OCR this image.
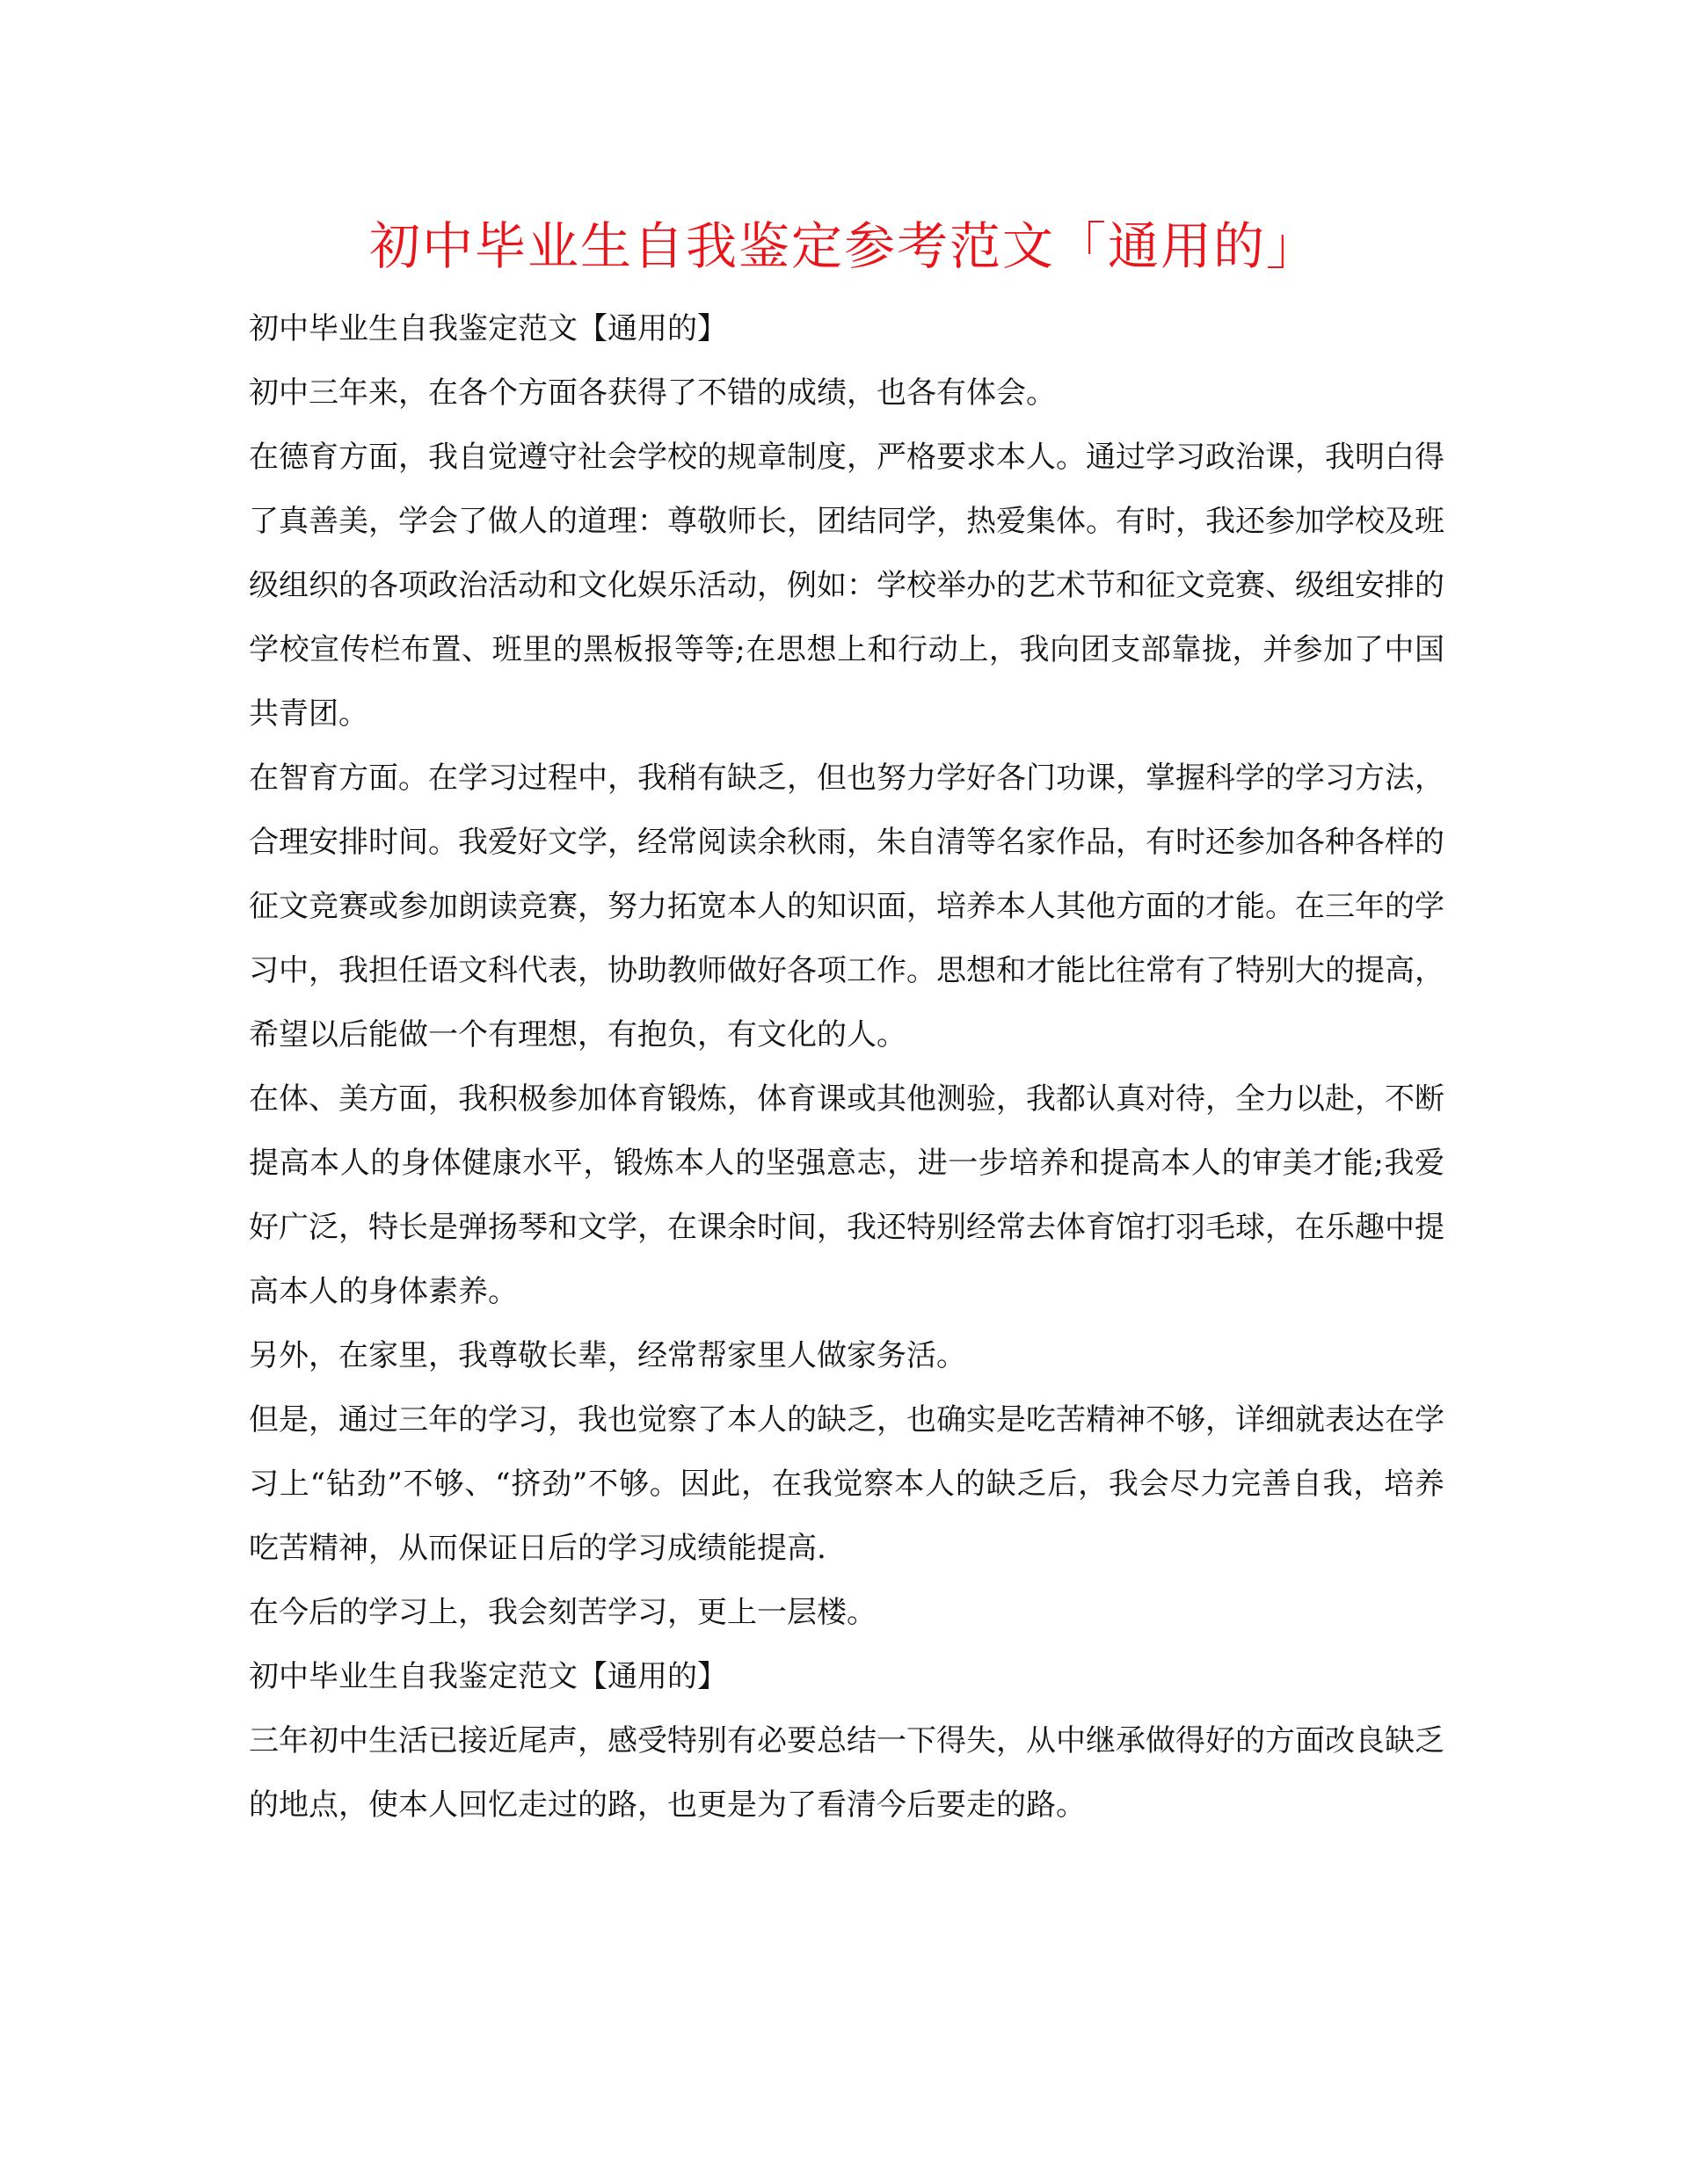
初中毕业生自我鉴定参考范文「通用的」

初中毕业生自我鉴定范文【通用的】

初中三年来，在各个方面各获得了不错的成绩，也各有体会。

在德育方面，我自觉遵守社会学校的规章制度，严格要求本人。通过学习政治课，我明白得了真善美，学会了做人的道理：尊敬师长，团结同学，热爱集体。有时，我还参加学校及班级组织的各项政治活动和文化娱乐活动，例如：学校举办的艺术节和征文竞赛、级组安排的学校宣传栏布置、班里的黑板报等等;在思想上和行动上，我向团支部靠拢，并参加了中国共青团。

在智育方面。在学习过程中，我稍有缺乏，但也努力学好各门功课，掌握科学的学习方法，合理安排时间。我爱好文学，经常阅读余秋雨，朱自清等名家作品，有时还参加各种各样的征文竞赛或参加朗读竞赛，努力拓宽本人的知识面，培养本人其他方面的才能。在三年的学习中，我担任语文科代表，协助教师做好各项工作。思想和才能比往常有了特别大的提高，希望以后能做一个有理想，有抱负，有文化的人。

在体、美方面，我积极参加体育锻炼，体育课或其他测验，我都认真对待，全力以赴，不断提高本人的身体健康水平，锻炼本人的坚强意志，进一步培养和提高本人的审美才能;我爱好广泛，特长是弹扬琴和文学，在课余时间，我还特别经常去体育馆打羽毛球，在乐趣中提高本人的身体素养。

另外，在家里，我尊敬长辈，经常帮家里人做家务活。

但是，通过三年的学习，我也觉察了本人的缺乏，也确实是吃苦精神不够，详细就表达在学习上“钻劲”不够、“挤劲”不够。因此，在我觉察本人的缺乏后，我会尽力完善自我，培养吃苦精神，从而保证日后的学习成绩能提高.

在今后的学习上，我会刻苦学习，更上一层楼。

初中毕业生自我鉴定范文【通用的】

三年初中生活已接近尾声，感受特别有必要总结一下得失，从中继承做得好的方面改良缺乏的地点，使本人回忆走过的路，也更是为了看清今后要走的路。
